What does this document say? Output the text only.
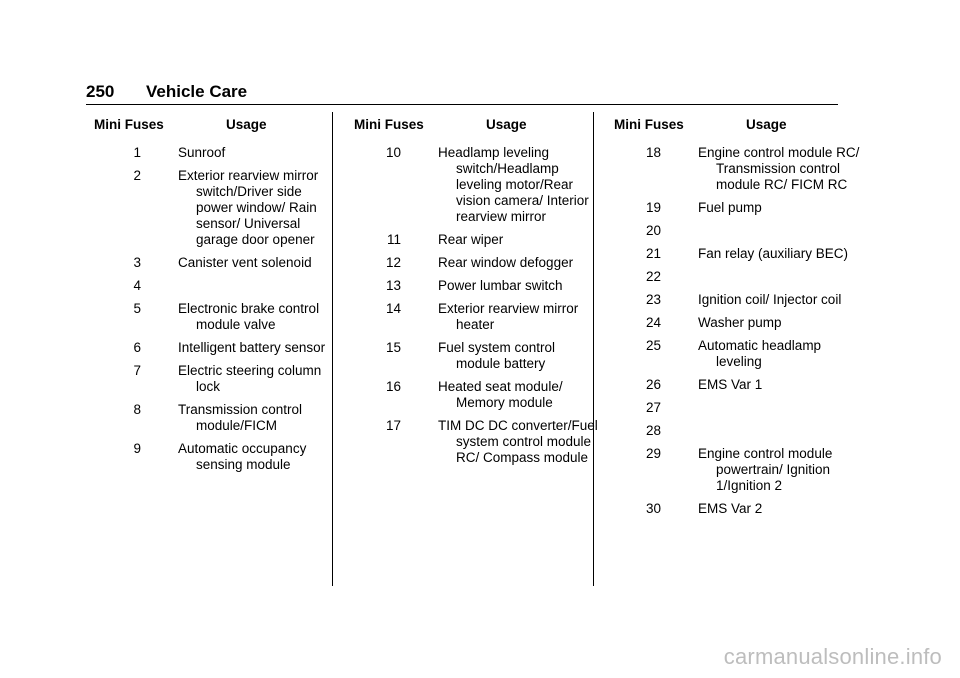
250 Vehicle Care
Mini Fuses	Usage
1	Sunroof
2	Exterior rearview mirror switch/Driver side power window/ Rain sensor/ Universal garage door opener
3	Canister vent solenoid
4
5	Electronic brake control module valve
6	Intelligent battery sensor
7	Electric steering column lock
8	Transmission control module/FICM
9	Automatic occupancy sensing module
Mini Fuses	Usage
10	Headlamp leveling switch/Headlamp leveling motor/Rear vision camera/ Interior rearview mirror
11	Rear wiper
12	Rear window defogger
13	Power lumbar switch
14	Exterior rearview mirror heater
15	Fuel system control module battery
16	Heated seat module/ Memory module
17	TIM DC DC converter/Fuel system control module RC/ Compass module
Mini Fuses	Usage
18	Engine control module RC/ Transmission control module RC/ FICM RC
19	Fuel pump
20
21	Fan relay (auxiliary BEC)
22
23	Ignition coil/ Injector coil
24	Washer pump
25	Automatic headlamp leveling
26	EMS Var 1
27
28
29	Engine control module powertrain/ Ignition 1/Ignition 2
30	EMS Var 2
carmanualsonline.info
